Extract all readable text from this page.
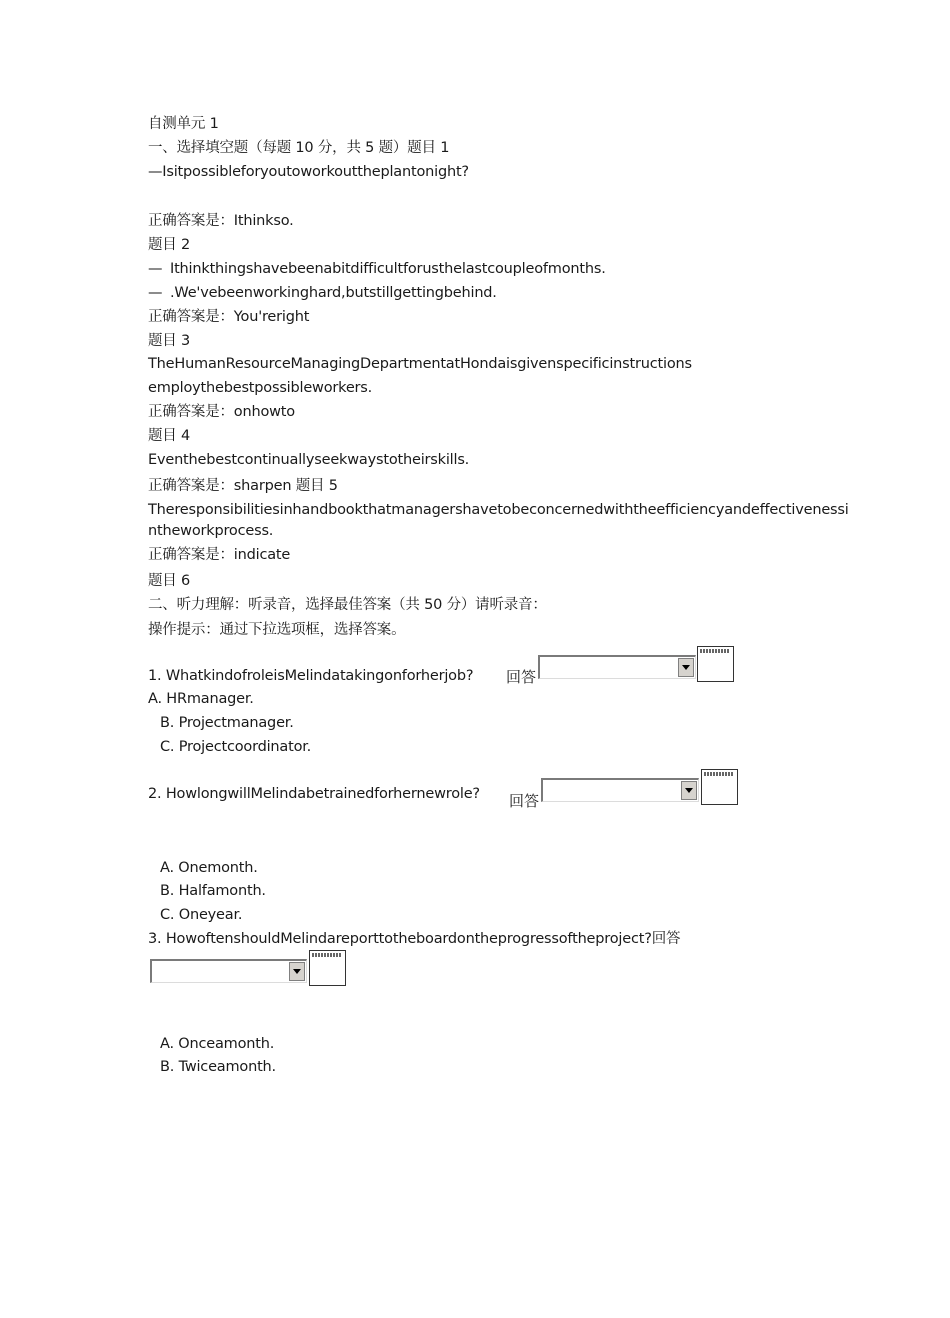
自测单元 1
一、选择填空题（每题 10 分，共 5 题）题目 1
—Isitpossibleforyoutoworkouttheplantonight?
正确答案是：Ithinkso.
题目 2
— Ithinkthingshavebeenabitdifficultforusthelastcoupleofmonths.
— .We'vebeenworkinghard,butstillgettingbehind.
正确答案是：You'reright
题目 3
TheHumanResourceManagingDepartmentatHondaisgivenspecificinstructions
employthebestpossibleworkers.
正确答案是：onhowto
题目 4
Eventhebestcontinuallyseekwaystotheirskills.
正确答案是：sharpen 题目 5
Theresponsibilitiesinhandbookthatmanagershavetobeconcernedwiththeefficiencyandeffectivenessi
ntheworkprocess.
正确答案是：indicate
题目 6
二、听力理解：听录音，选择最佳答案（共 50 分）请听录音：
操作提示：通过下拉选项框，选择答案。
1. WhatkindofroleisMelindatakingonforherjob? 回答
A. HRmanager.
B. Projectmanager.
C. Projectcoordinator.
2. HowlongwillMelindabetrainedforhernewrole? 回答
A. Onemonth.
B. Halfamonth.
C. Oneyear.
3. HowoftenshouldMelindareporttotheboardontheprogressoftheproject?回答
A. Onceamonth.
B. Twiceamonth.
